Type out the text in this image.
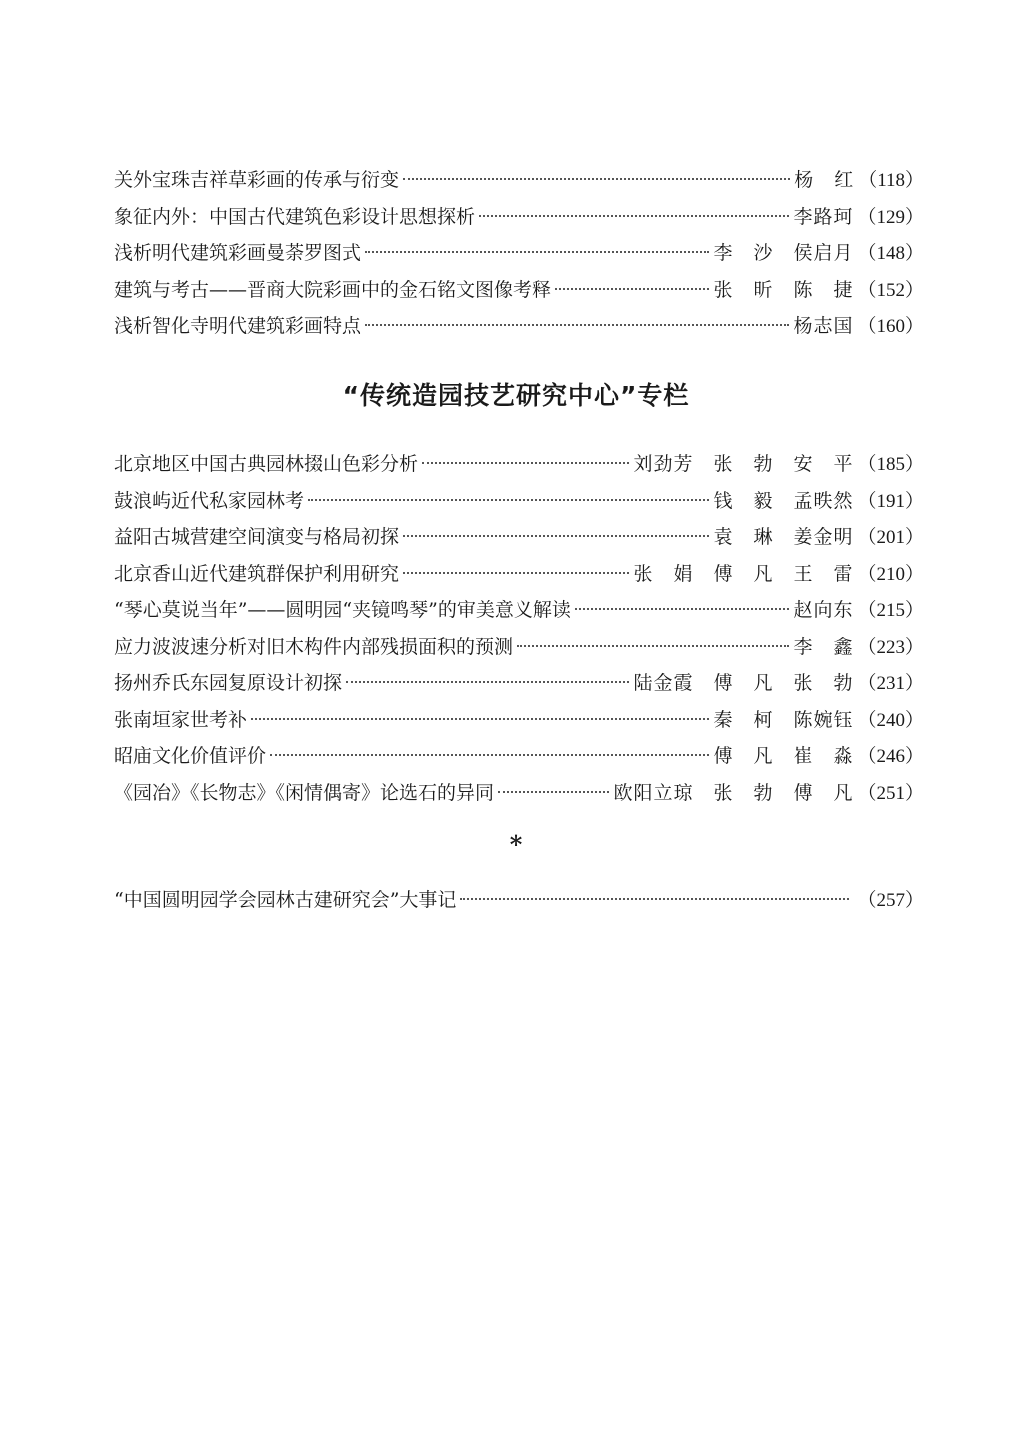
关外宝珠吉祥草彩画的传承与衍变	杨　红 （118）
象征内外：中国古代建筑色彩设计思想探析	李路珂 （129）
浅析明代建筑彩画曼荼罗图式	李　沙　侯启月 （148）
建筑与考古——晋商大院彩画中的金石铭文图像考释	张　昕　陈　捷 （152）
浅析智化寺明代建筑彩画特点	杨志国 （160）
“传统造园技艺研究中心”专栏
北京地区中国古典园林掇山色彩分析	刘劲芳　张　勃　安　平 （185）
鼓浪屿近代私家园林考	钱　毅　孟昳然 （191）
益阳古城营建空间演变与格局初探	袁　琳　姜金明 （201）
北京香山近代建筑群保护利用研究	张　娟　傅　凡　王　雷 （210）
“琴心莫说当年”——圆明园“夹镜鸣琴”的审美意义解读	赵向东 （215）
应力波波速分析对旧木构件内部残损面积的预测	李　鑫 （223）
扬州乔氏东园复原设计初探	陆金霞　傅　凡　张　勃 （231）
张南垣家世考补	秦　柯　陈婉钰 （240）
昭庙文化价值评价	傅　凡　崔　淼 （246）
《园冶》《长物志》《闲情偶寄》论选石的异同	欧阳立琼　张　勃　傅　凡 （251）
*
“中国圆明园学会园林古建研究会”大事记	（257）
